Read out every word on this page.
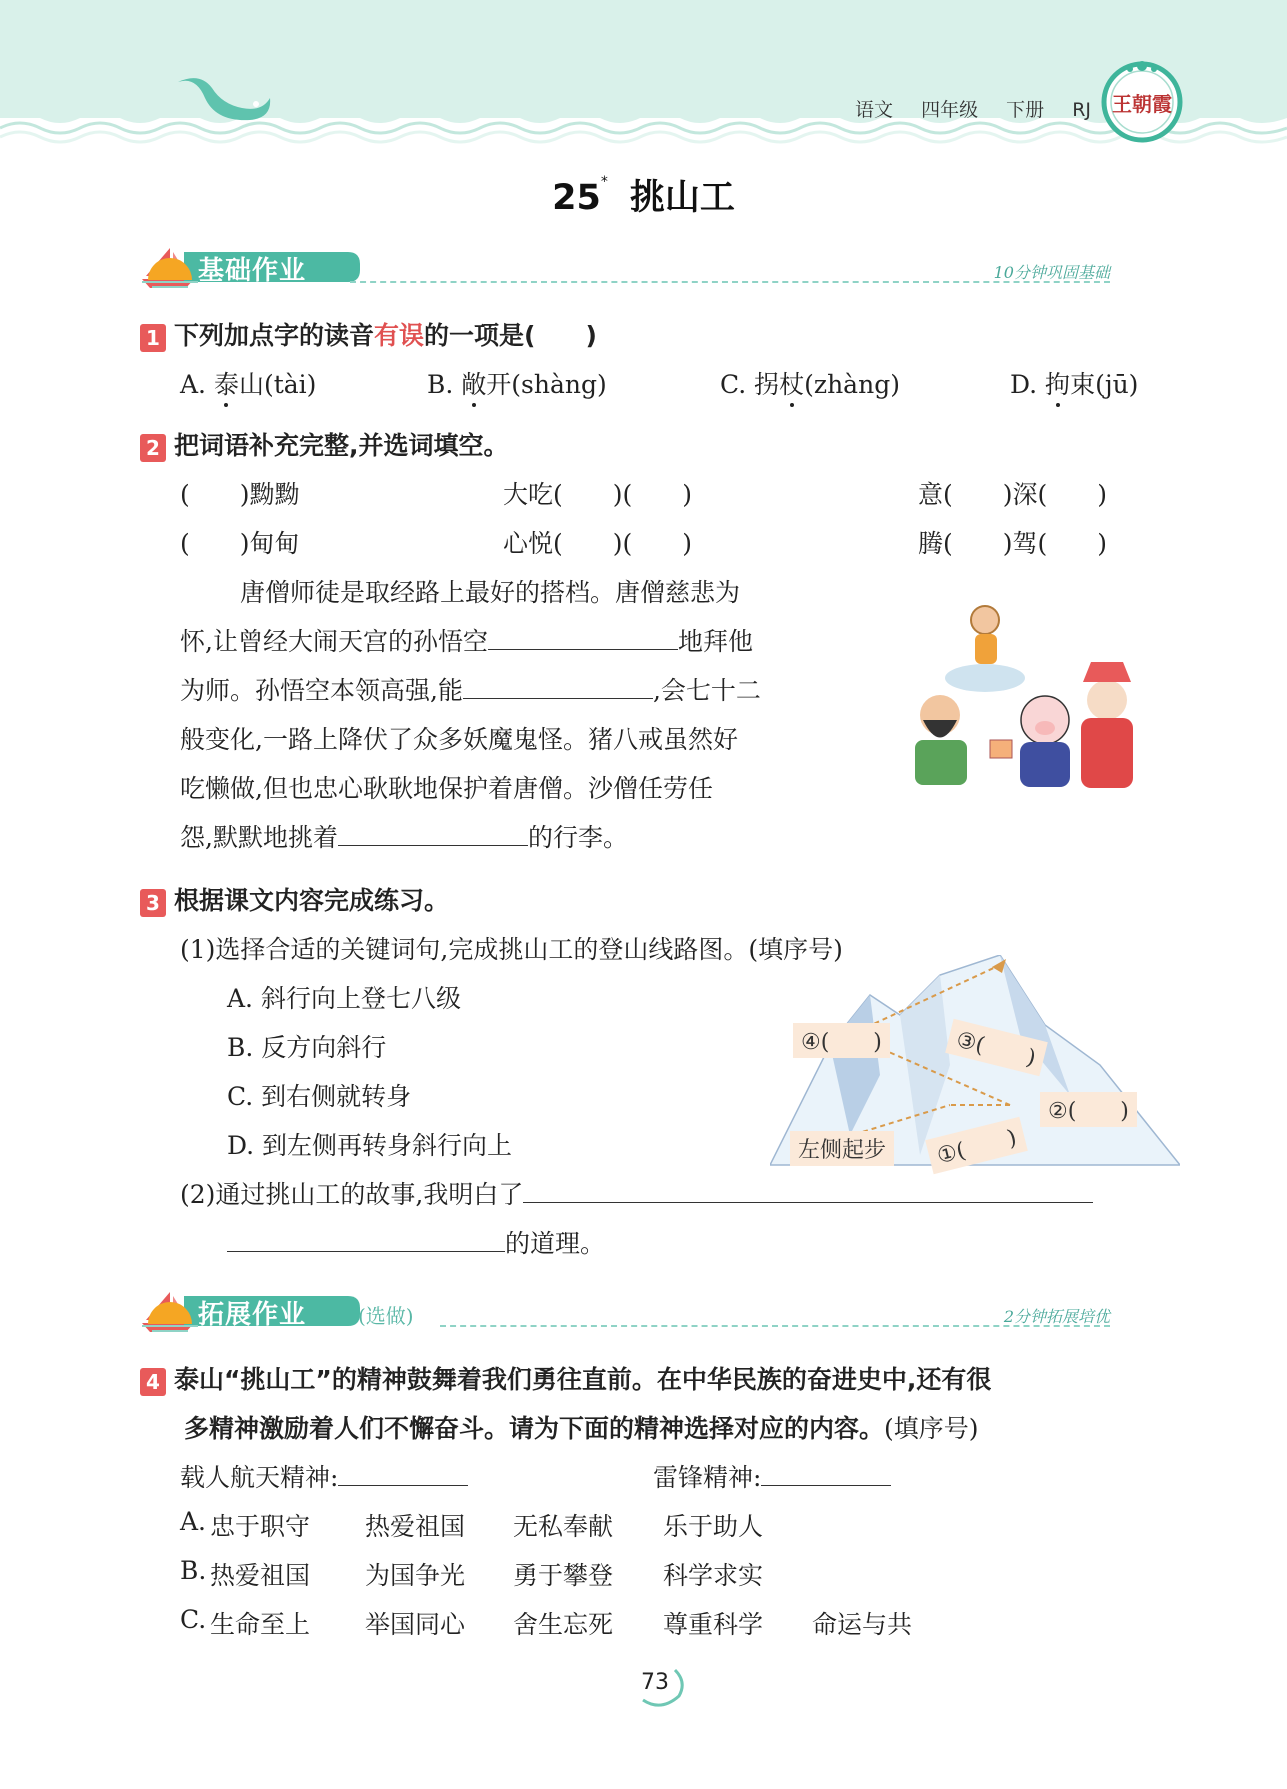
语文 四年级 下册 RJ	王朝霞
25* 挑山工
基础作业	10分钟巩固基础
1 下列加点字的读音有误的一项是(　　)
A. 泰山(tài)	B. 敞开(shàng)	C. 拐杖(zhàng)	D. 拘束(jū)
2 把词语补充完整,并选词填空。
(　　)黝黝	大吃(　　)(　　)	意(　　)深(　　)
(　　)甸甸	心悦(　　)(　　)	腾(　　)驾(　　)
唐僧师徒是取经路上最好的搭档。唐僧慈悲为
怀,让曾经大闹天宫的孙悟空	地拜他
为师。孙悟空本领高强,能	,会七十二
般变化,一路上降伏了众多妖魔鬼怪。猪八戒虽然好
吃懒做,但也忠心耿耿地保护着唐僧。沙僧任劳任
怨,默默地挑着	的行李。
3 根据课文内容完成练习。
(1)选择合适的关键词句,完成挑山工的登山线路图。(填序号)
A. 斜行向上登七八级
B. 反方向斜行
C. 到右侧就转身
D. 到左侧再转身斜行向上	左侧起步	①(　　)
②(　　)
③(　　)
④(　　)
(2)通过挑山工的故事,我明白了
的道理。
拓展作业	(选做)	2分钟拓展培优
4 泰山“挑山工”的精神鼓舞着我们勇往直前。在中华民族的奋进史中,还有很
多精神激励着人们不懈奋斗。请为下面的精神选择对应的内容。(填序号)
载人航天精神:	雷锋精神:
A. 忠于职守 热爱祖国 无私奉献 乐于助人
B. 热爱祖国 为国争光 勇于攀登 科学求实
C. 生命至上 举国同心 舍生忘死 尊重科学 命运与共
73
